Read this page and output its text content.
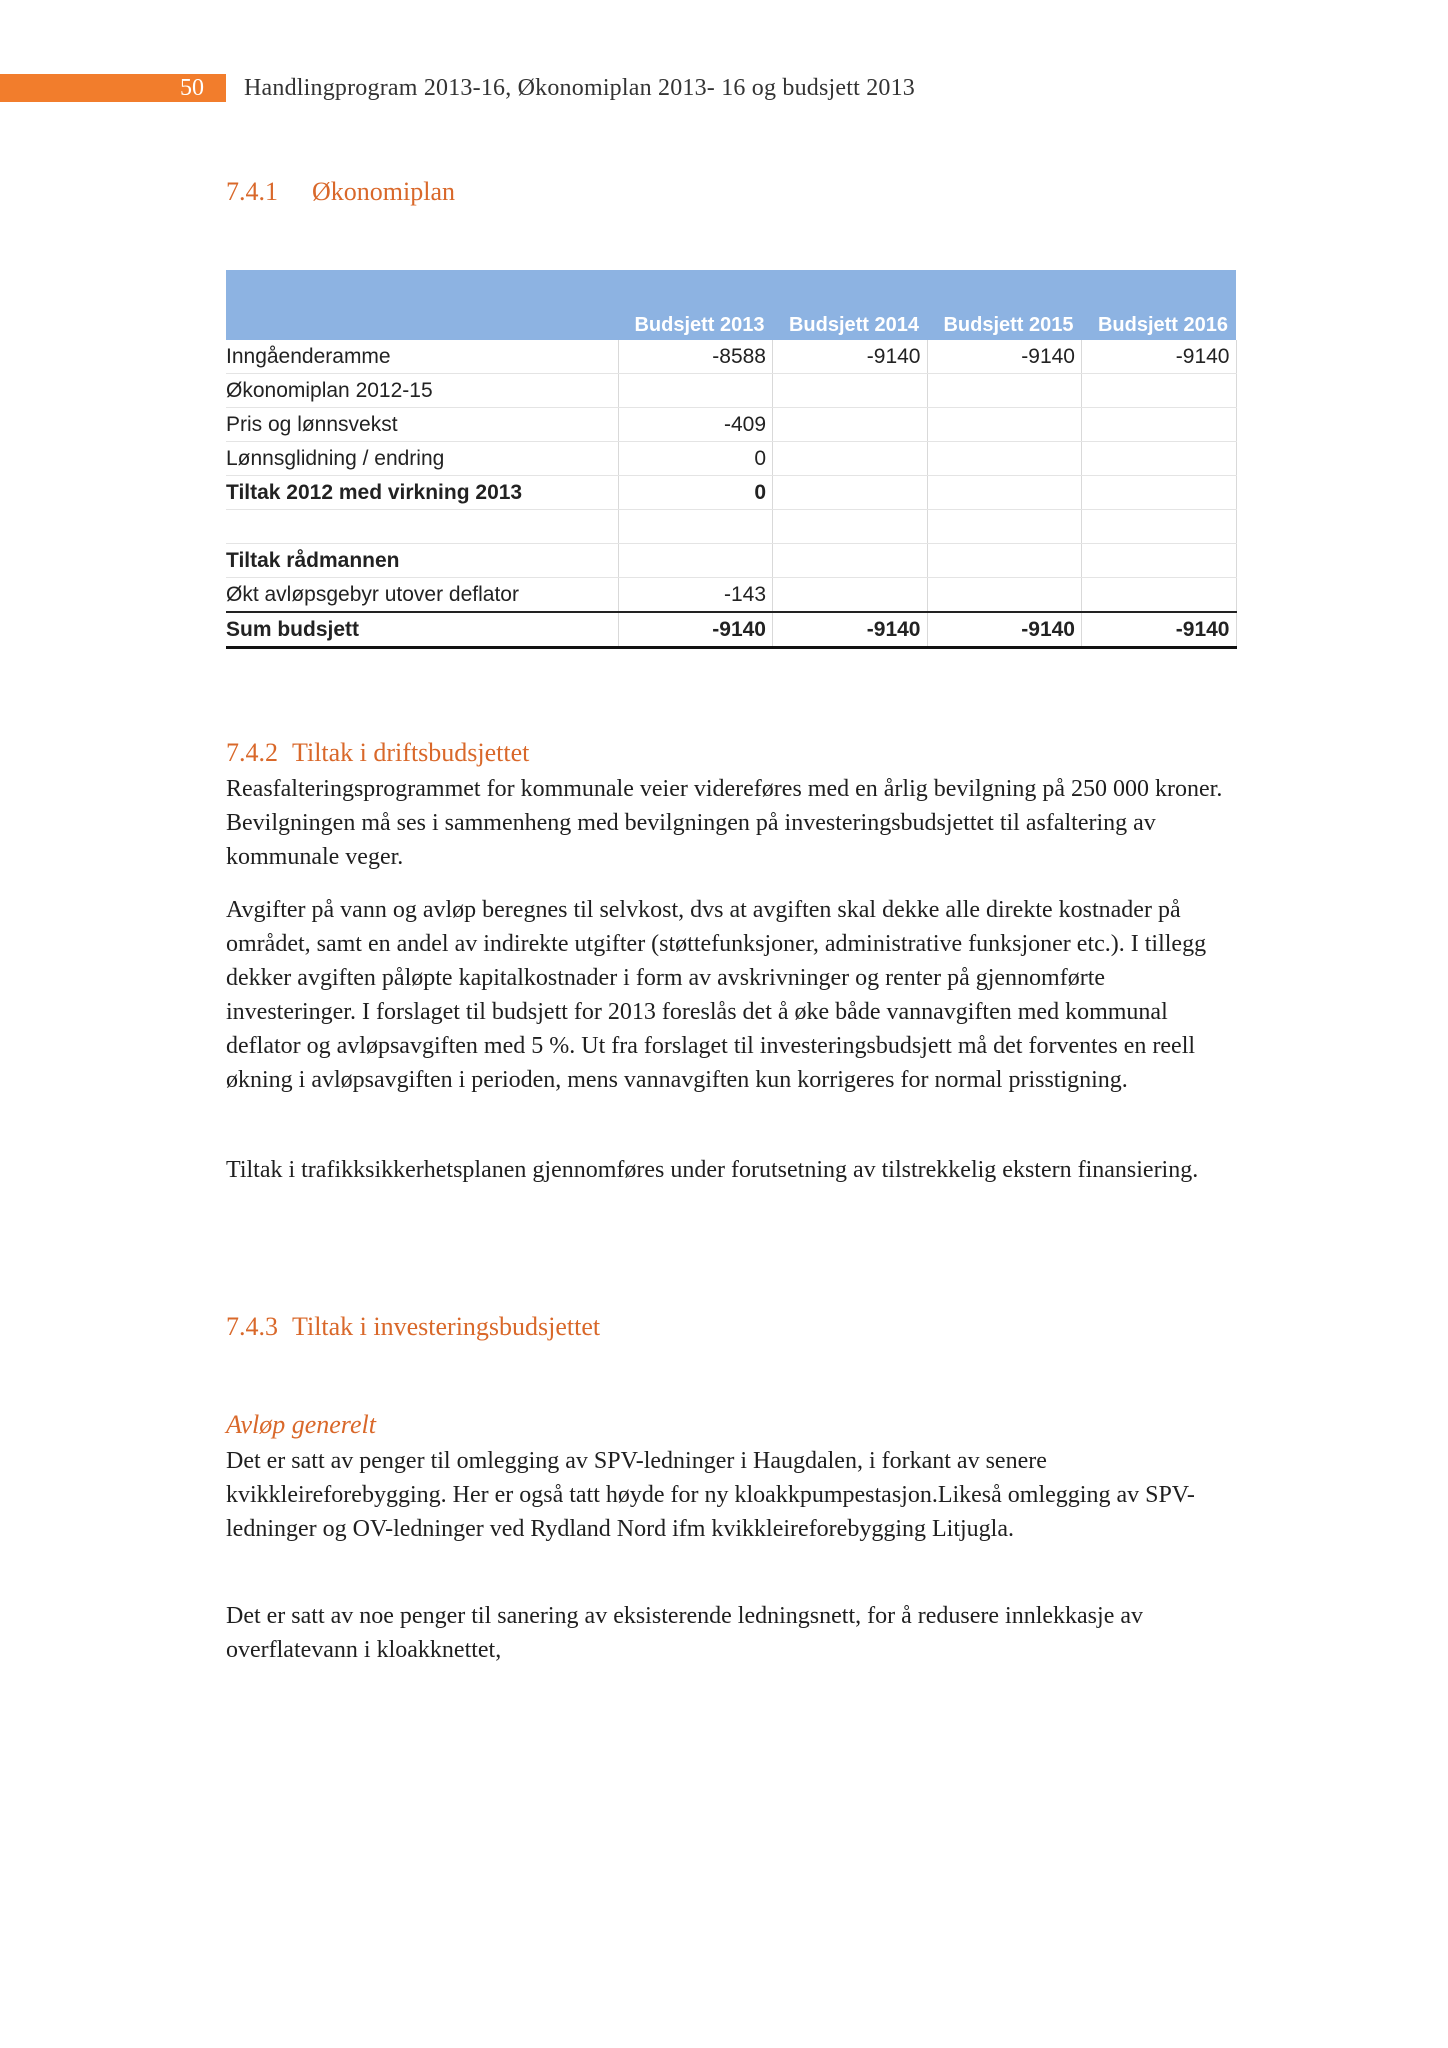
50 Handlingprogram 2013-16, Økonomiplan 2013- 16 og budsjett 2013
7.4.1 Økonomiplan

	Budsjett 2013	Budsjett 2014	Budsjett 2015	Budsjett 2016
Inngåenderamme	-8588	-9140	-9140	-9140
Økonomiplan 2012-15				
Pris og lønnsvekst	-409			
Lønnsglidning / endring	0			
Tiltak 2012 med virkning 2013	0			

Tiltak rådmannen				
Økt avløpsgebyr utover deflator	-143			
Sum budsjett	-9140	-9140	-9140	-9140
7.4.2 Tiltak i driftsbudsjettet

Reasfalteringsprogrammet for kommunale veier videreføres med en årlig bevilgning på 250 000 kroner. Bevilgningen må ses i sammenheng med bevilgningen på investeringsbudsjettet til asfaltering av kommunale veger.

Avgifter på vann og avløp beregnes til selvkost, dvs at avgiften skal dekke alle direkte kostnader på området, samt en andel av indirekte utgifter (støttefunksjoner, administrative funksjoner etc.). I tillegg dekker avgiften påløpte kapitalkostnader i form av avskrivninger og renter på gjennomførte investeringer. I forslaget til budsjett for 2013 foreslås det å øke både vannavgiften med kommunal deflator og avløpsavgiften med 5 %. Ut fra forslaget til investeringsbudsjett må det forventes en reell økning i avløpsavgiften i perioden, mens vannavgiften kun korrigeres for normal prisstigning.

Tiltak i trafikksikkerhetsplanen gjennomføres under forutsetning av tilstrekkelig ekstern finansiering.

7.4.3 Tiltak i investeringsbudsjettet
Avløp generelt

Det er satt av penger til omlegging av SPV-ledninger i Haugdalen, i forkant av senere kvikkleireforebygging. Her er også tatt høyde for ny kloakkpumpestasjon.Likeså omlegging av SPV-ledninger og OV-ledninger ved Rydland Nord ifm kvikkleireforebygging Litjugla.

Det er satt av noe penger til sanering av eksisterende ledningsnett, for å redusere innlekkasje av overflatevann i kloakknettet,
